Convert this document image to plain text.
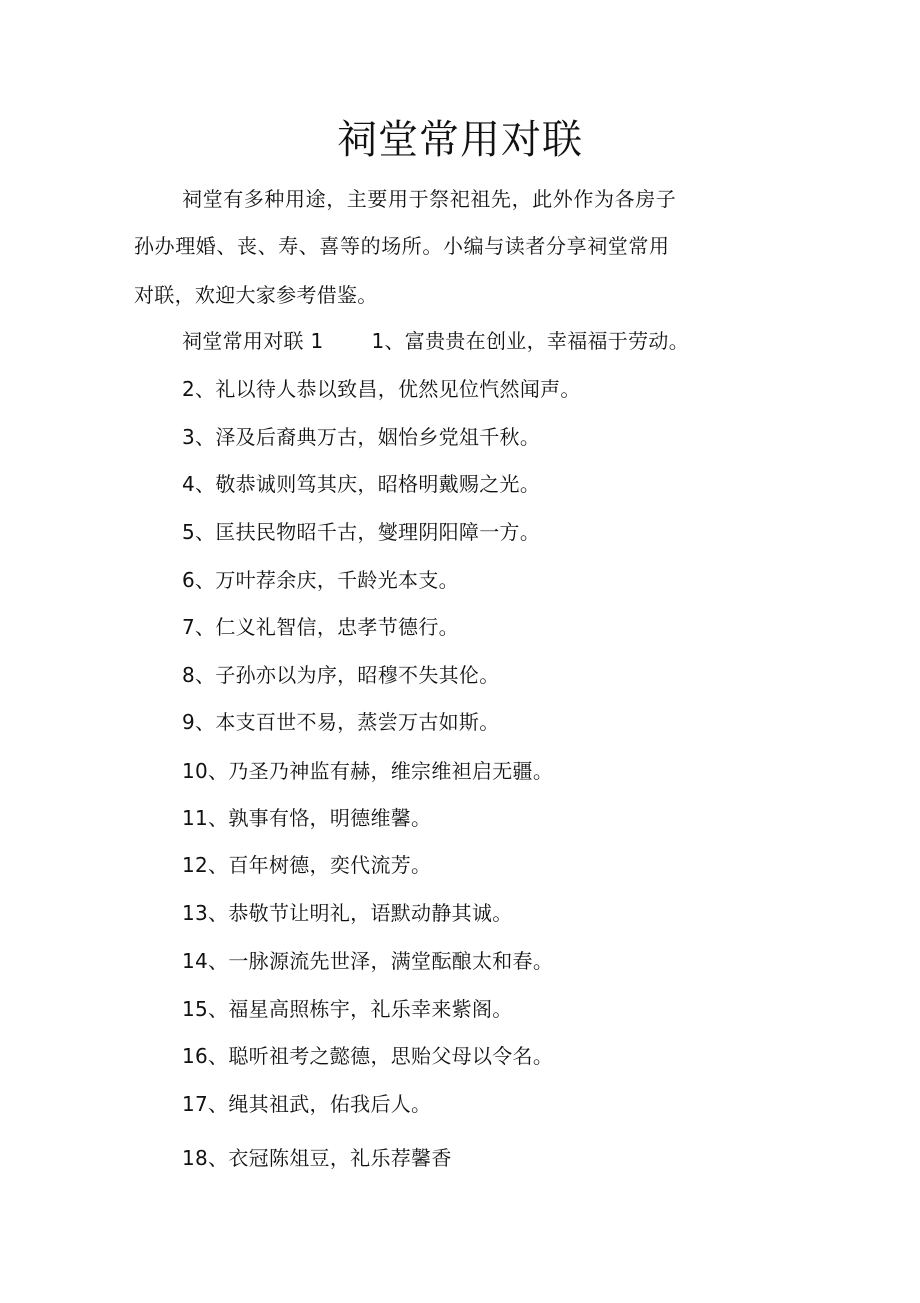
祠堂常用对联
祠堂有多种用途，主要用于祭祀祖先，此外作为各房子
孙办理婚、丧、寿、喜等的场所。小编与读者分享祠堂常用
对联，欢迎大家参考借鉴。
祠堂常用对联 1 1、富贵贵在创业，幸福福于劳动。
2、礼以待人恭以致昌，优然见位忾然闻声。
3、泽及后裔典万古，姻怡乡党俎千秋。
4、敬恭诚则笃其庆，昭格明戴赐之光。
5、匡扶民物昭千古，燮理阴阳障一方。
6、万叶荐余庆，千龄光本支。
7、仁义礼智信，忠孝节德行。
8、子孙亦以为序，昭穆不失其伦。
9、本支百世不易，蒸尝万古如斯。
10、乃圣乃神监有赫，维宗维袒启无疆。
11、孰事有恪，明德维馨。
12、百年树德，奕代流芳。
13、恭敬节让明礼，语默动静其诚。
14、一脉源流先世泽，满堂酝酿太和春。
15、福星高照栋宇，礼乐幸来紫阁。
16、聪听祖考之懿德，思贻父母以令名。
17、绳其祖武，佑我后人。
18、衣冠陈俎豆，礼乐荐馨香
